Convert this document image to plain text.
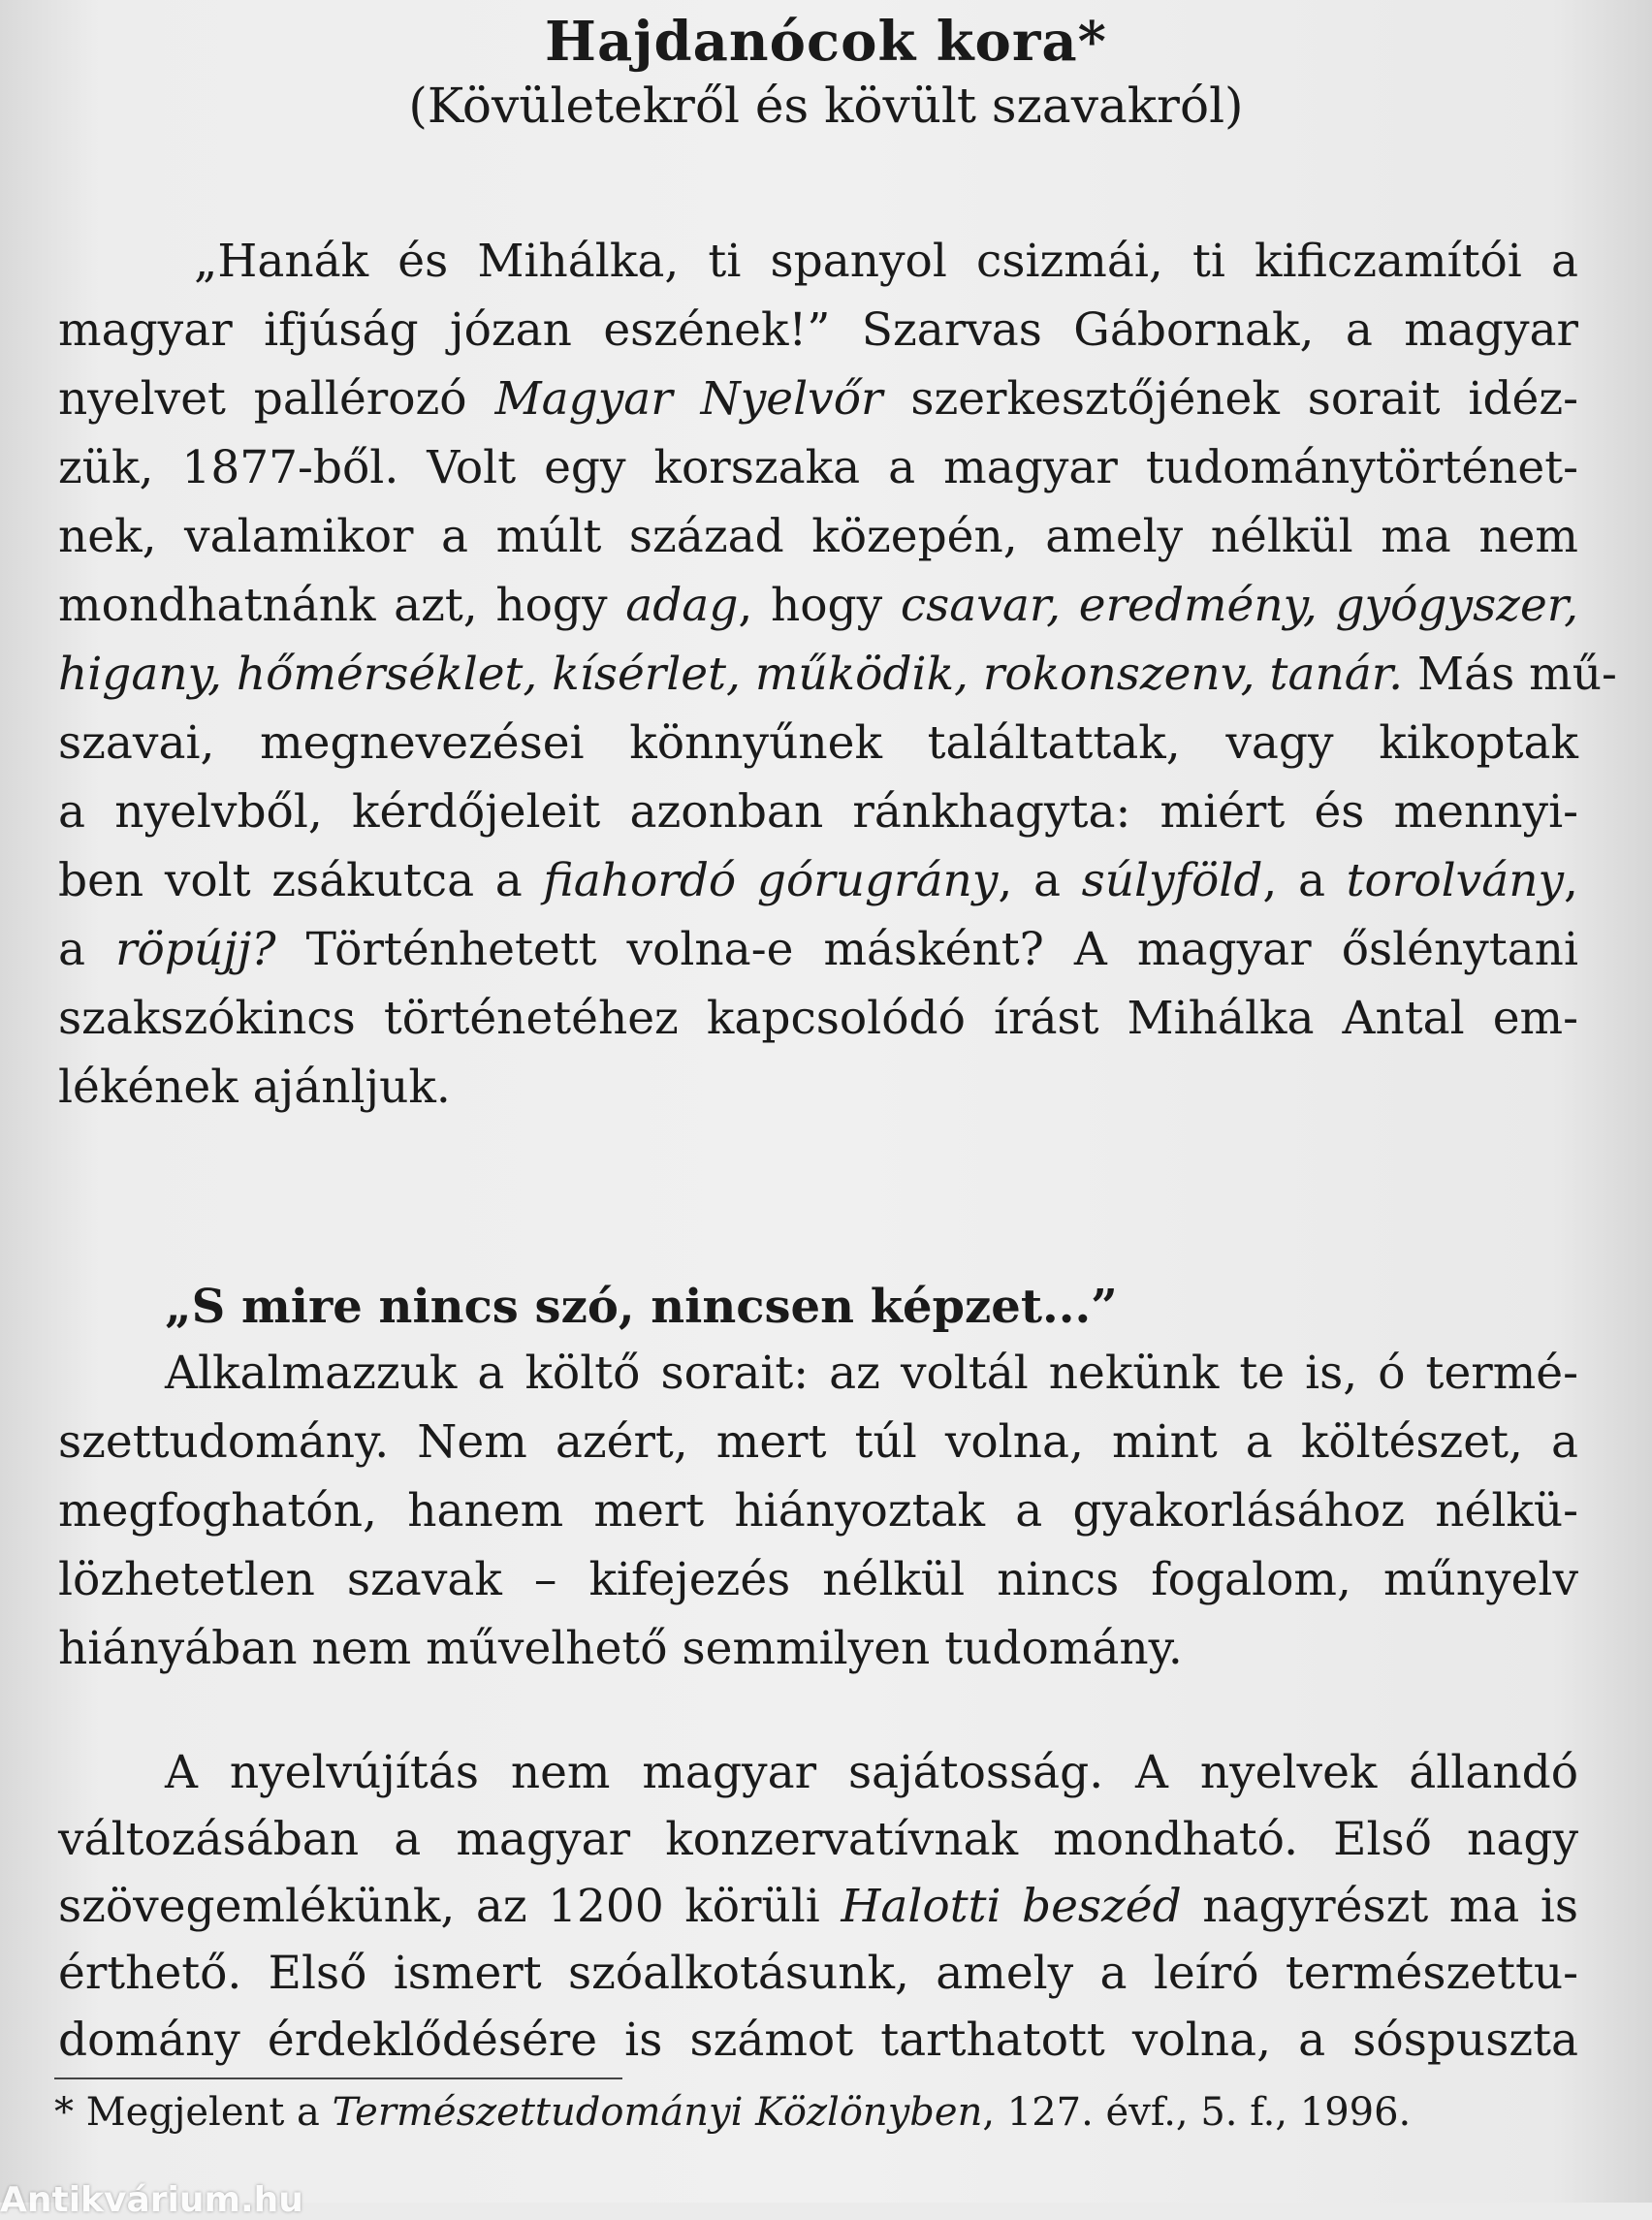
Hajdanócok kora*
(Kövületekről és kövült szavakról)
„Hanák és Mihálka, ti spanyol csizmái, ti kificzamítói a
magyar ifjúság józan eszének!” Szarvas Gábornak, a magyar
nyelvet pallérozó Magyar Nyelvőr szerkesztőjének sorait idéz-
zük, 1877-ből. Volt egy korszaka a magyar tudománytörténet-
nek, valamikor a múlt század közepén, amely nélkül ma nem
mondhatnánk azt, hogy adag, hogy csavar, eredmény, gyógyszer,
higany, hőmérséklet, kísérlet, működik, rokonszenv, tanár. Más mű-
szavai, megnevezései könnyűnek találtattak, vagy kikoptak
a nyelvből, kérdőjeleit azonban ránkhagyta: miért és mennyi-
ben volt zsákutca a fiahordó górugrány, a súlyföld, a torolvány,
a röpújj? Történhetett volna-e másként? A magyar őslénytani
szakszókincs történetéhez kapcsolódó írást Mihálka Antal em-
lékének ajánljuk.
„S mire nincs szó, nincsen képzet...”
Alkalmazzuk a költő sorait: az voltál nekünk te is, ó termé-
szettudomány. Nem azért, mert túl volna, mint a költészet, a
megfoghatón, hanem mert hiányoztak a gyakorlásához nélkü-
lözhetetlen szavak – kifejezés nélkül nincs fogalom, műnyelv
hiányában nem művelhető semmilyen tudomány.
A nyelvújítás nem magyar sajátosság. A nyelvek állandó
változásában a magyar konzervatívnak mondható. Első nagy
szövegemlékünk, az 1200 körüli Halotti beszéd nagyrészt ma is
érthető. Első ismert szóalkotásunk, amely a leíró természettu-
domány érdeklődésére is számot tarthatott volna, a sóspuszta
* Megjelent a Természettudományi Közlönyben, 127. évf., 5. f., 1996.
Antikvárium.hu
